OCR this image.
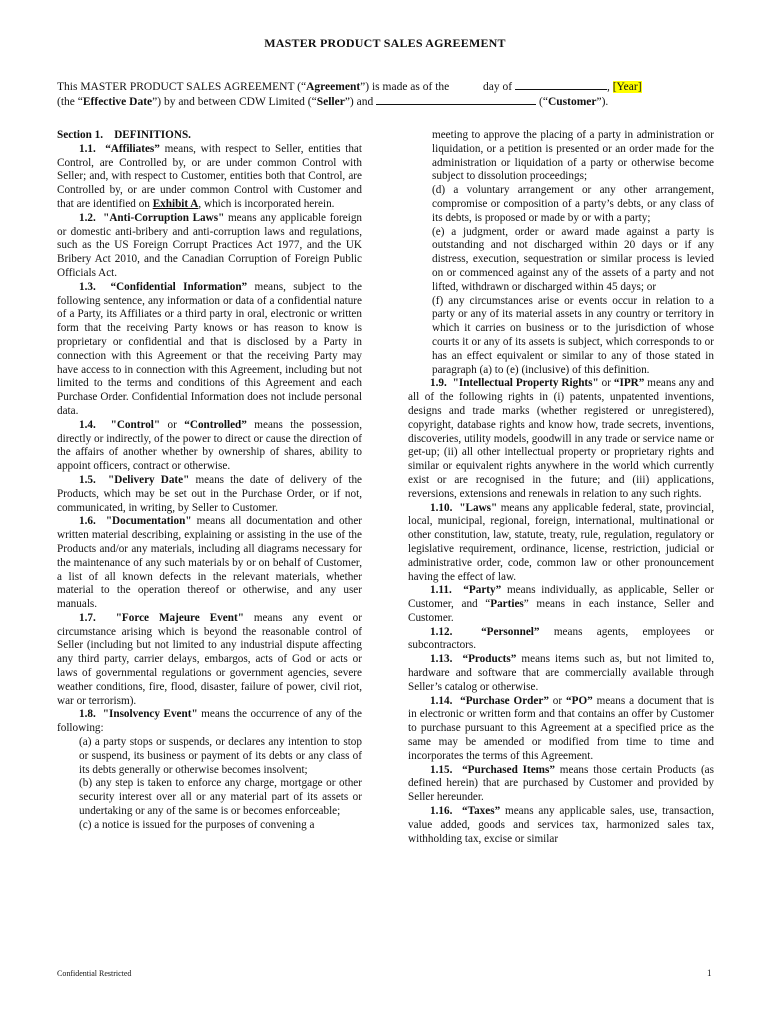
MASTER PRODUCT SALES AGREEMENT
This MASTER PRODUCT SALES AGREEMENT (“Agreement”) is made as of the	day of	, [Year]
(the “Effective Date”) by and between CDW Limited (“Seller”) and	(“Customer”).

Section 1. DEFINITIONS.

1.1. “Affiliates” means, with respect to Seller, entities that Control, are Controlled by, or are under common Control with Seller; and, with respect to Customer, entities both that Control, are Controlled by, or are under common Control with Customer and that are identified on Exhibit A, which is incorporated herein.

1.2. "Anti-Corruption Laws" means any applicable foreign or domestic anti-bribery and anti-corruption laws and regulations, such as the US Foreign Corrupt Practices Act 1977, and the UK Bribery Act 2010, and the Canadian Corruption of Foreign Public Officials Act.

1.3. “Confidential Information” means, subject to the following sentence, any information or data of a confidential nature of a Party, its Affiliates or a third party in oral, electronic or written form that the receiving Party knows or has reason to know is proprietary or confidential and that is disclosed by a Party in connection with this Agreement or that the receiving Party may have access to in connection with this Agreement, including but not limited to the terms and conditions of this Agreement and each Purchase Order. Confidential Information does not include personal data.

1.4. "Control" or “Controlled” means the possession, directly or indirectly, of the power to direct or cause the direction of the affairs of another whether by ownership of shares, ability to appoint officers, contract or otherwise.

1.5. "Delivery Date" means the date of delivery of the Products, which may be set out in the Purchase Order, or if not, communicated, in writing, by Seller to Customer.

1.6. "Documentation" means all documentation and other written material describing, explaining or assisting in the use of the Products and/or any materials, including all diagrams necessary for the maintenance of any such materials by or on behalf of Customer, a list of all known defects in the relevant materials, whether material to the operation thereof or otherwise, and any user manuals.

1.7. "Force Majeure Event" means any event or circumstance arising which is beyond the reasonable control of Seller (including but not limited to any industrial dispute affecting any third party, carrier delays, embargos, acts of God or acts or laws of governmental regulations or government agencies, severe weather conditions, fire, flood, disaster, failure of power, civil riot, war or terrorism).

1.8. "Insolvency Event" means the occurrence of any of the following:

(a) a party stops or suspends, or declares any intention to stop or suspend, its business or payment of its debts or any class of its debts generally or otherwise becomes insolvent;

(b) any step is taken to enforce any charge, mortgage or other security interest over all or any material part of its assets or undertaking or any of the same is or becomes enforceable;

(c) a notice is issued for the purposes of convening a

meeting to approve the placing of a party in administration or liquidation, or a petition is presented or an order made for the administration or liquidation of a party or otherwise become subject to dissolution proceedings;

(d) a voluntary arrangement or any other arrangement, compromise or composition of a party’s debts, or any class of its debts, is proposed or made by or with a party;

(e) a judgment, order or award made against a party is outstanding and not discharged within 20 days or if any distress, execution, sequestration or similar process is levied on or commenced against any of the assets of a party and not lifted, withdrawn or discharged within 45 days; or

(f) any circumstances arise or events occur in relation to a party or any of its material assets in any country or territory in which it carries on business or to the jurisdiction of whose courts it or any of its assets is subject, which corresponds to or has an effect equivalent or similar to any of those stated in paragraph (a) to (e) (inclusive) of this definition.

1.9. "Intellectual Property Rights" or “IPR” means any and all of the following rights in (i) patents, unpatented inventions, designs and trade marks (whether registered or unregistered), copyright, database rights and know how, trade secrets, inventions, discoveries, utility models, goodwill in any trade or service name or get-up; (ii) all other intellectual property or proprietary rights and similar or equivalent rights anywhere in the world which currently exist or are recognised in the future; and (iii) applications, reversions, extensions and renewals in relation to any such rights.

1.10. "Laws" means any applicable federal, state, provincial, local, municipal, regional, foreign, international, multinational or other constitution, law, statute, treaty, rule, regulation, regulatory or legislative requirement, ordinance, license, restriction, judicial or administrative order, code, common law or other pronouncement having the effect of law.

1.11. “Party” means individually, as applicable, Seller or Customer, and “Parties” means in each instance, Seller and Customer.

1.12.	“Personnel” means agents, employees or subcontractors.

1.13. “Products” means items such as, but not limited to, hardware and software that are commercially available through Seller’s catalog or otherwise.

1.14. “Purchase Order” or “PO” means a document that is in electronic or written form and that contains an offer by Customer to purchase pursuant to this Agreement at a specified price as the same may be amended or modified from time to time and incorporates the terms of this Agreement.

1.15. “Purchased Items” means those certain Products (as defined herein) that are purchased by Customer and provided by Seller hereunder.

1.16. “Taxes” means any applicable sales, use, transaction, value added, goods and services tax, harmonized sales tax, withholding tax, excise or similar

Confidential Restricted	1
